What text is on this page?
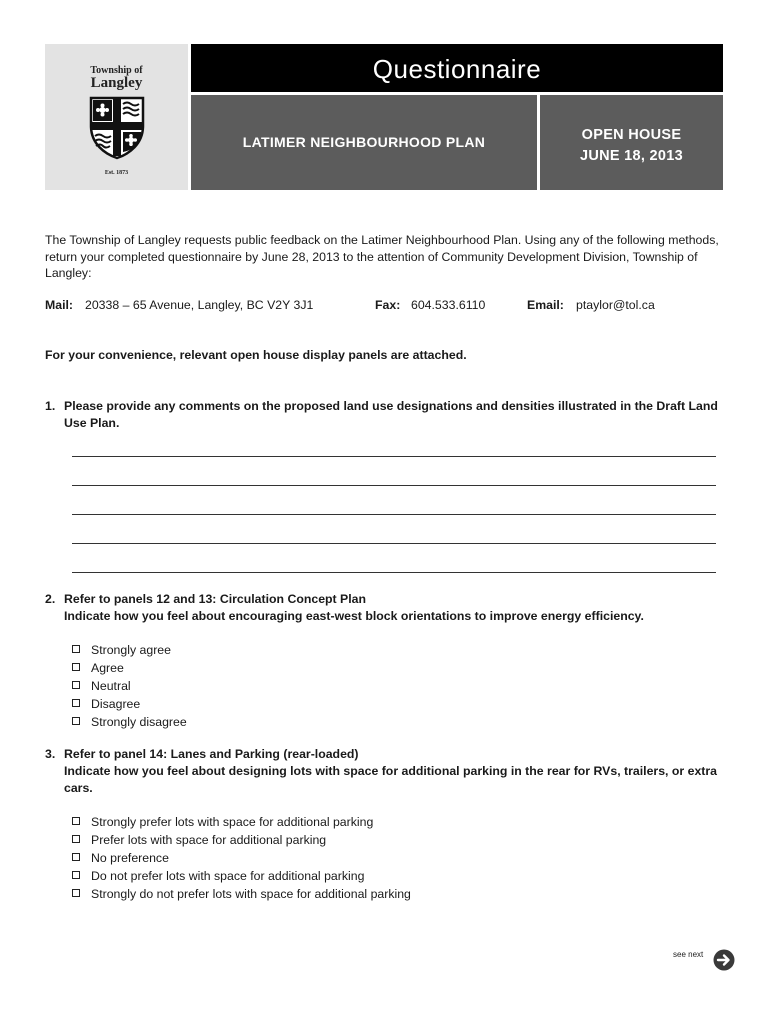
Township of
Langley
Est. 1873
Questionnaire
LATIMER NEIGHBOURHOOD PLAN	OPEN HOUSE
JUNE 18, 2013
The Township of Langley requests public feedback on the Latimer Neighbourhood Plan. Using any of the following methods, return your completed questionnaire by June 28, 2013 to the attention of Community Development Division, Township of Langley:
Mail: 20338 – 65 Avenue, Langley, BC V2Y 3J1	Fax: 604.533.6110	Email: ptaylor@tol.ca
For your convenience, relevant open house display panels are attached.
1. Please provide any comments on the proposed land use designations and densities illustrated in the Draft Land Use Plan.
2. Refer to panels 12 and 13: Circulation Concept Plan
Indicate how you feel about encouraging east-west block orientations to improve energy efficiency.
Strongly agree
Agree
Neutral
Disagree
Strongly disagree
3. Refer to panel 14: Lanes and Parking (rear-loaded)
Indicate how you feel about designing lots with space for additional parking in the rear for RVs, trailers, or extra cars.
Strongly prefer lots with space for additional parking
Prefer lots with space for additional parking
No preference
Do not prefer lots with space for additional parking
Strongly do not prefer lots with space for additional parking
see next
